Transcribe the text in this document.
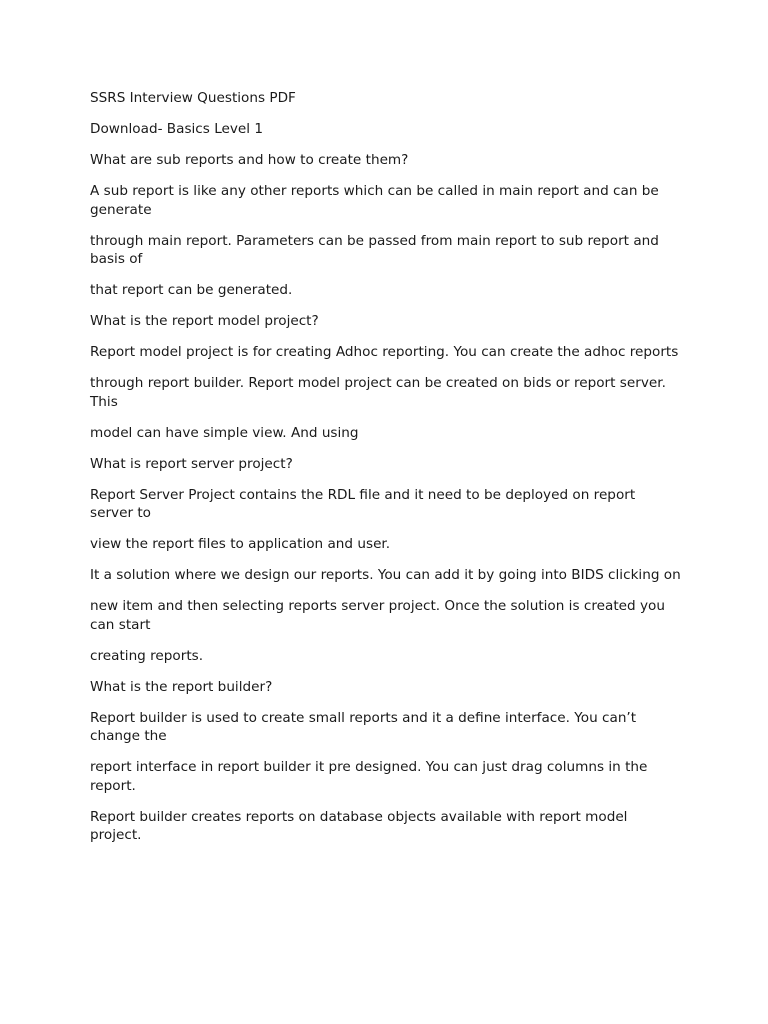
SSRS Interview Questions PDF

Download- Basics Level 1

What are sub reports and how to create them?

A sub report is like any other reports which can be called in main report and can be generate

through main report. Parameters can be passed from main report to sub report and basis of

that report can be generated.

What is the report model project?

Report model project is for creating Adhoc reporting. You can create the adhoc reports

through report builder. Report model project can be created on bids or report server. This

model can have simple view. And using

What is report server project?

Report Server Project contains the RDL file and it need to be deployed on report server to

view the report files to application and user.

It a solution where we design our reports. You can add it by going into BIDS clicking on

new item and then selecting reports server project. Once the solution is created you can start

creating reports.

What is the report builder?

Report builder is used to create small reports and it a define interface. You can’t change the

report interface in report builder it pre designed. You can just drag columns in the report.

Report builder creates reports on database objects available with report model project.
